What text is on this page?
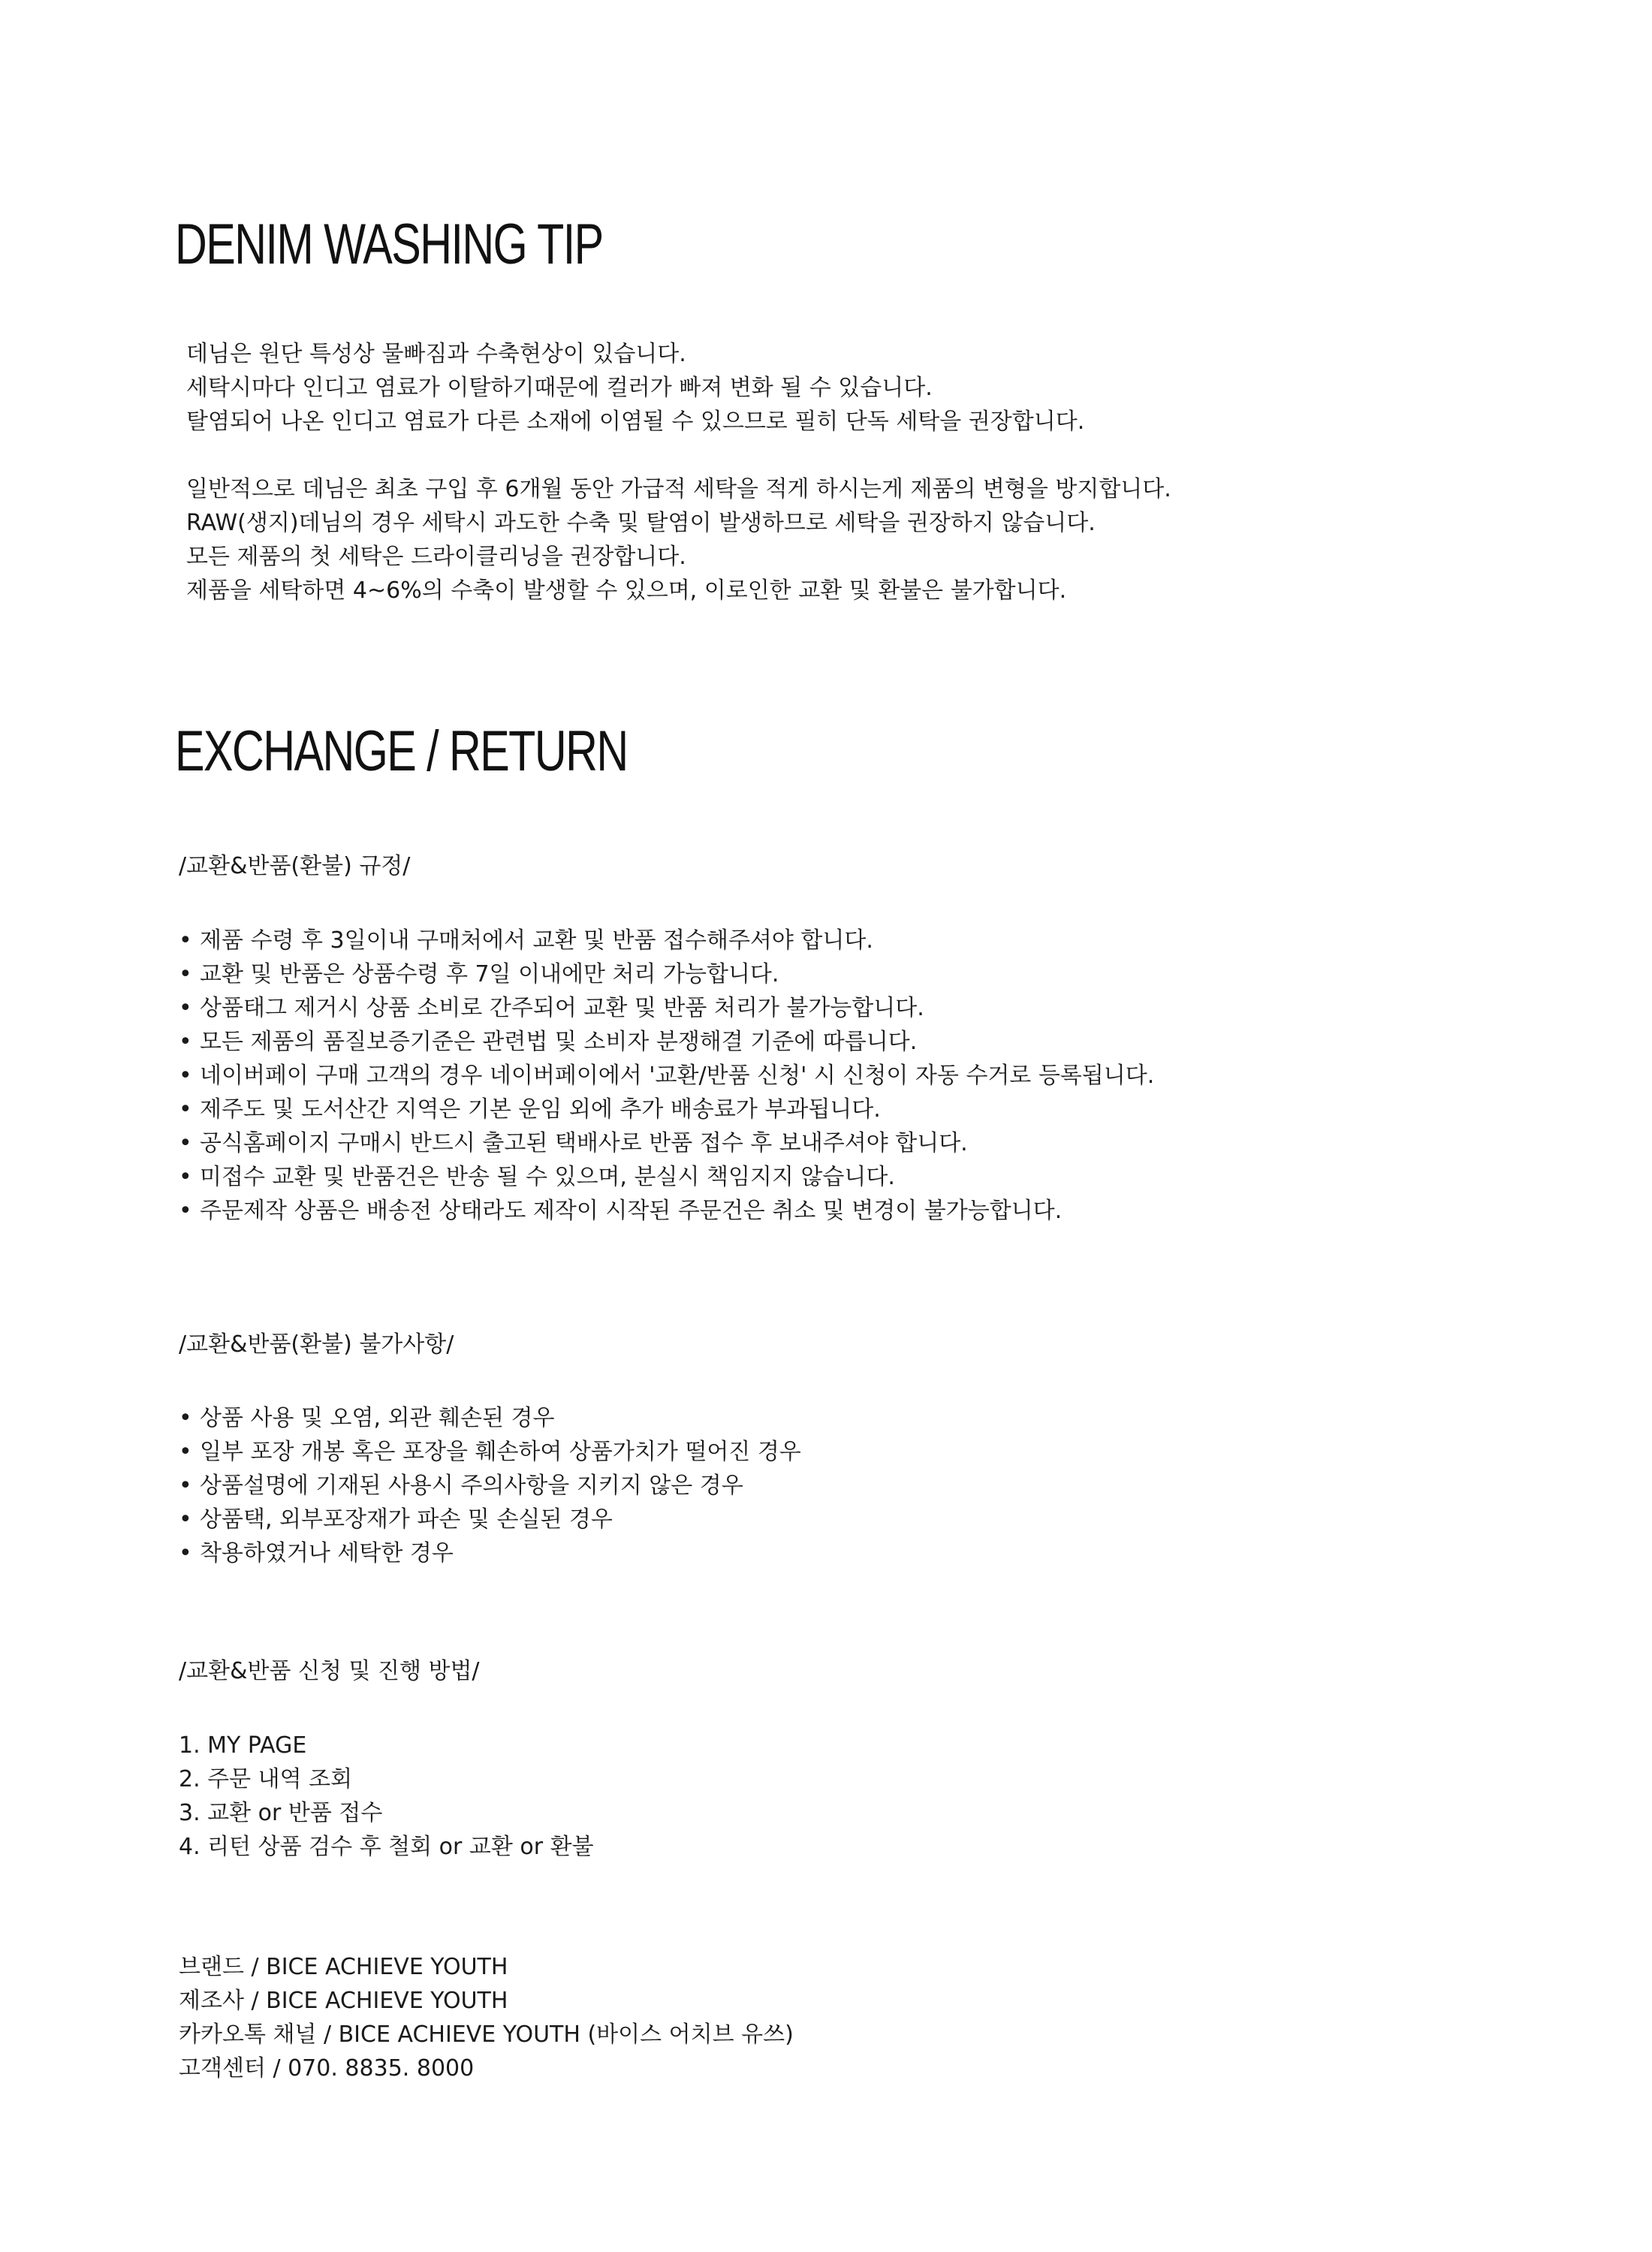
DENIM WASHING TIP
데님은 원단 특성상 물빠짐과 수축현상이 있습니다.
세탁시마다 인디고 염료가 이탈하기때문에 컬러가 빠져 변화 될 수 있습니다.
탈염되어 나온 인디고 염료가 다른 소재에 이염될 수 있으므로 필히 단독 세탁을 권장합니다.
일반적으로 데님은 최초 구입 후 6개월 동안 가급적 세탁을 적게 하시는게 제품의 변형을 방지합니다.
RAW(생지)데님의 경우 세탁시 과도한 수축 및 탈염이 발생하므로 세탁을 권장하지 않습니다.
모든 제품의 첫 세탁은 드라이클리닝을 권장합니다.
제품을 세탁하면 4~6%의 수축이 발생할 수 있으며, 이로인한 교환 및 환불은 불가합니다.
EXCHANGE / RETURN

/교환&반품(환불) 규정/

• 제품 수령 후 3일이내 구매처에서 교환 및 반품 접수해주셔야 합니다.
• 교환 및 반품은 상품수령 후 7일 이내에만 처리 가능합니다.
• 상품태그 제거시 상품 소비로 간주되어 교환 및 반품 처리가 불가능합니다.
• 모든 제품의 품질보증기준은 관련법 및 소비자 분쟁해결 기준에 따릅니다.
• 네이버페이 구매 고객의 경우 네이버페이에서 '교환/반품 신청' 시 신청이 자동 수거로 등록됩니다.
• 제주도 및 도서산간 지역은 기본 운임 외에 추가 배송료가 부과됩니다.
• 공식홈페이지 구매시 반드시 출고된 택배사로 반품 접수 후 보내주셔야 합니다.
• 미접수 교환 및 반품건은 반송 될 수 있으며, 분실시 책임지지 않습니다.
• 주문제작 상품은 배송전 상태라도 제작이 시작된 주문건은 취소 및 변경이 불가능합니다.

/교환&반품(환불) 불가사항/

• 상품 사용 및 오염, 외관 훼손된 경우
• 일부 포장 개봉 혹은 포장을 훼손하여 상품가치가 떨어진 경우
• 상품설명에 기재된 사용시 주의사항을 지키지 않은 경우
• 상품택, 외부포장재가 파손 및 손실된 경우
• 착용하였거나 세탁한 경우

/교환&반품 신청 및 진행 방법/

1. MY PAGE
2. 주문 내역 조회
3. 교환 or 반품 접수
4. 리턴 상품 검수 후 철회 or 교환 or 환불
브랜드 / BICE ACHIEVE YOUTH
제조사 / BICE ACHIEVE YOUTH
카카오톡 채널 / BICE ACHIEVE YOUTH (바이스 어치브 유쓰)
고객센터 / 070. 8835. 8000
